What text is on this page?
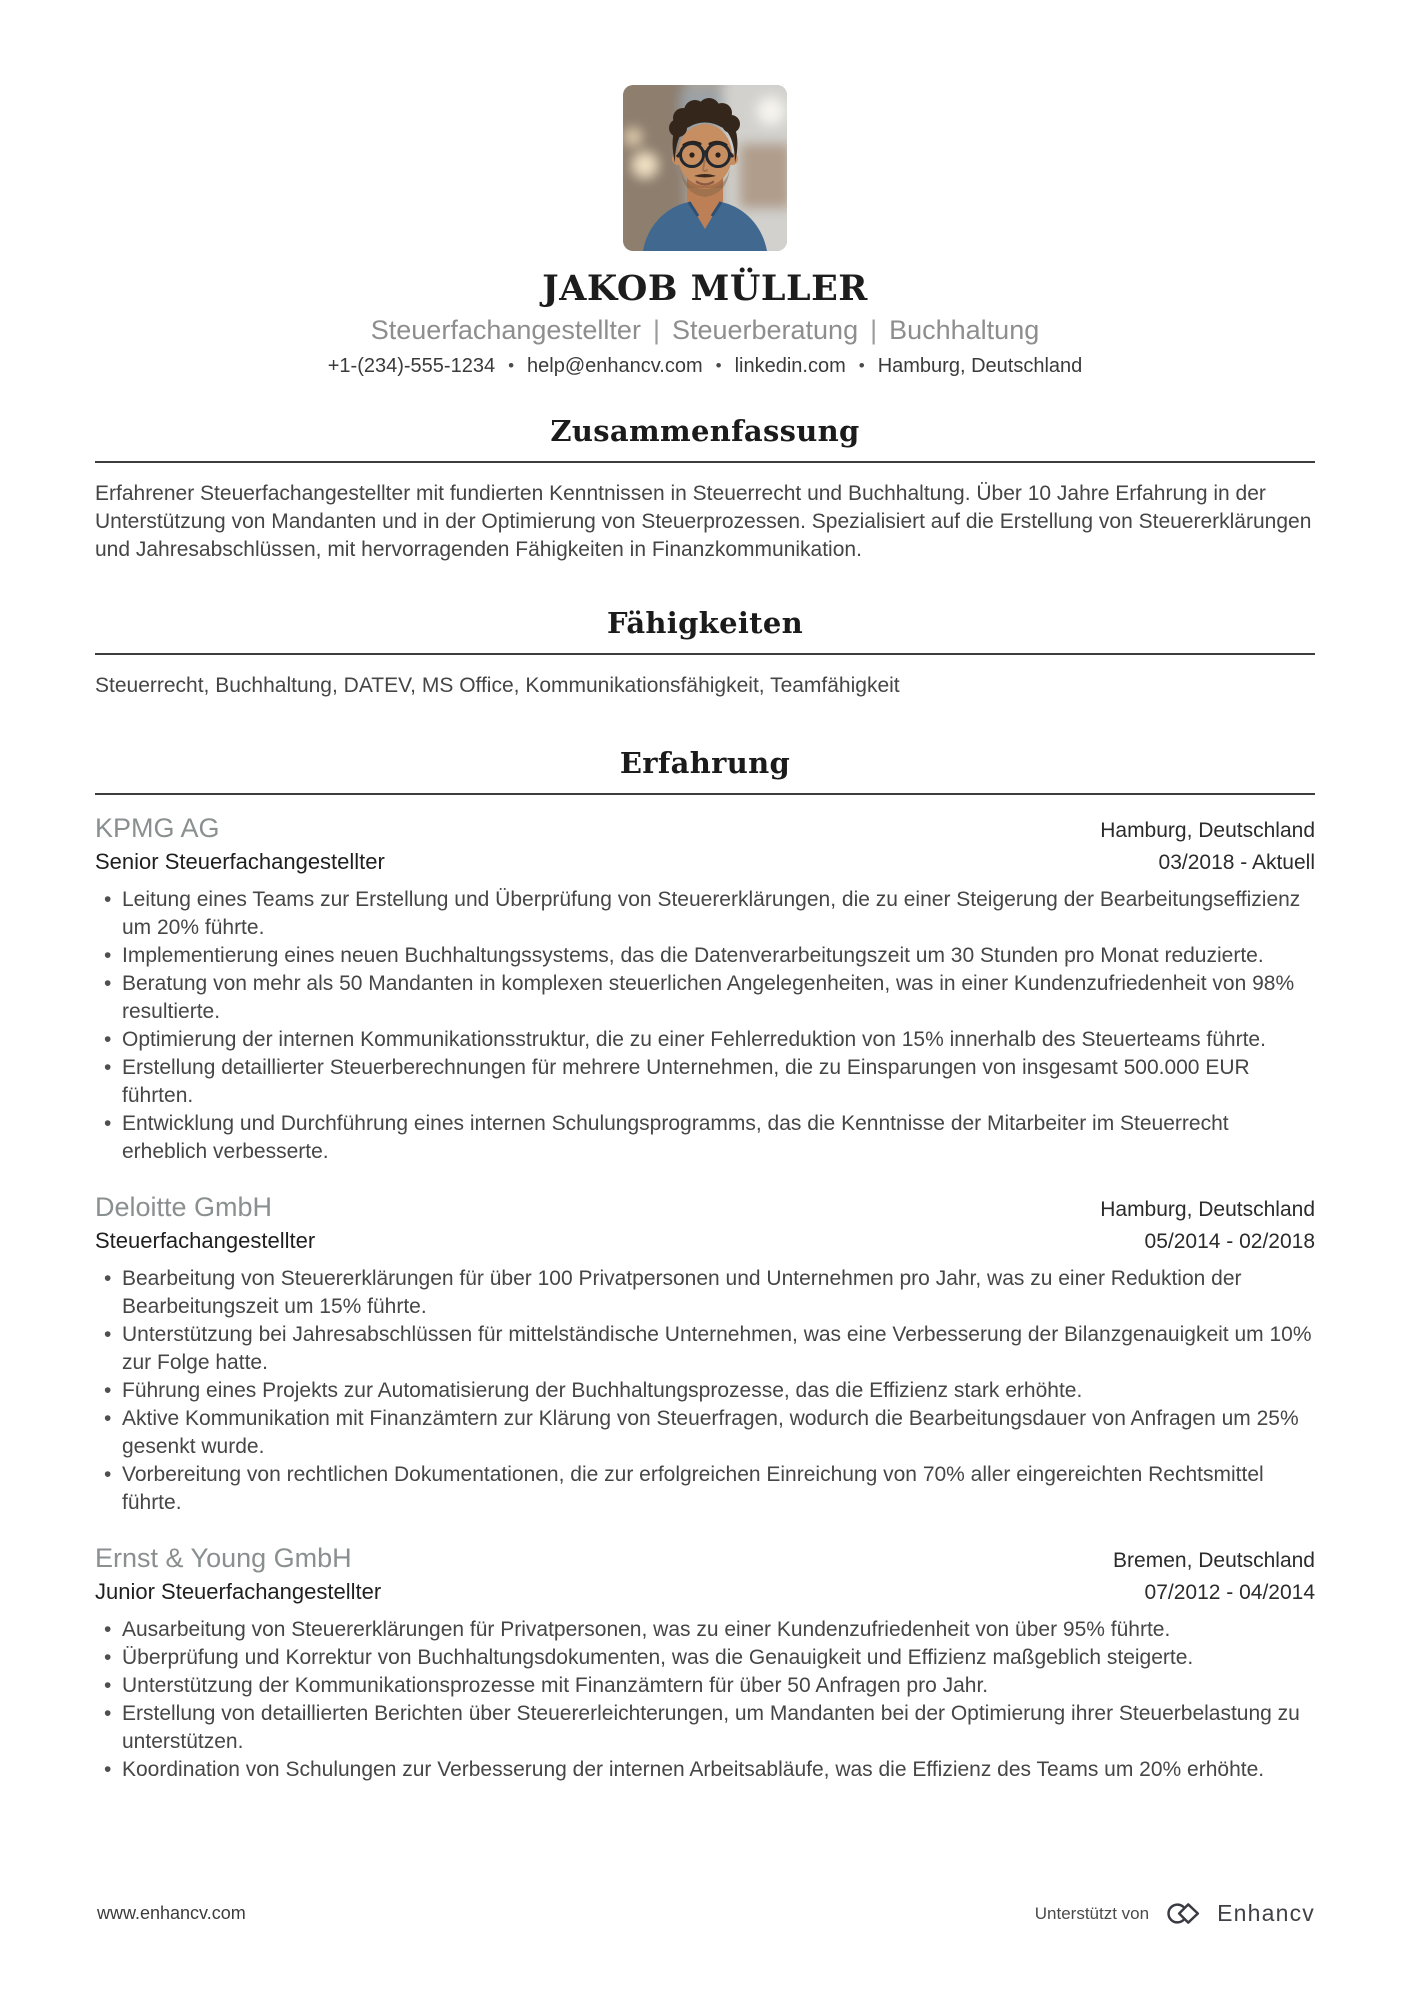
JAKOB MÜLLER
Steuerfachangestellter | Steuerberatung | Buchhaltung
+1-(234)-555-1234 • help@enhancv.com • linkedin.com • Hamburg, Deutschland
Zusammenfassung

Erfahrener Steuerfachangestellter mit fundierten Kenntnissen in Steuerrecht und Buchhaltung. Über 10 Jahre Erfahrung in der Unterstützung von Mandanten und in der Optimierung von Steuerprozessen. Spezialisiert auf die Erstellung von Steuererklärungen und Jahresabschlüssen, mit hervorragenden Fähigkeiten in Finanzkommunikation.

Fähigkeiten

Steuerrecht, Buchhaltung, DATEV, MS Office, Kommunikationsfähigkeit, Teamfähigkeit

Erfahrung
KPMG AG	Hamburg, Deutschland
Senior Steuerfachangestellter	03/2018 - Aktuell
• Leitung eines Teams zur Erstellung und Überprüfung von Steuererklärungen, die zu einer Steigerung der Bearbeitungseffizienz um 20% führte.
• Implementierung eines neuen Buchhaltungssystems, das die Datenverarbeitungszeit um 30 Stunden pro Monat reduzierte.
• Beratung von mehr als 50 Mandanten in komplexen steuerlichen Angelegenheiten, was in einer Kundenzufriedenheit von 98% resultierte.
• Optimierung der internen Kommunikationsstruktur, die zu einer Fehlerreduktion von 15% innerhalb des Steuerteams führte.
• Erstellung detaillierter Steuerberechnungen für mehrere Unternehmen, die zu Einsparungen von insgesamt 500.000 EUR führten.
• Entwicklung und Durchführung eines internen Schulungsprogramms, das die Kenntnisse der Mitarbeiter im Steuerrecht erheblich verbesserte.
Deloitte GmbH	Hamburg, Deutschland
Steuerfachangestellter	05/2014 - 02/2018
• Bearbeitung von Steuererklärungen für über 100 Privatpersonen und Unternehmen pro Jahr, was zu einer Reduktion der Bearbeitungszeit um 15% führte.
• Unterstützung bei Jahresabschlüssen für mittelständische Unternehmen, was eine Verbesserung der Bilanzgenauigkeit um 10% zur Folge hatte.
• Führung eines Projekts zur Automatisierung der Buchhaltungsprozesse, das die Effizienz stark erhöhte.
• Aktive Kommunikation mit Finanzämtern zur Klärung von Steuerfragen, wodurch die Bearbeitungsdauer von Anfragen um 25% gesenkt wurde.
• Vorbereitung von rechtlichen Dokumentationen, die zur erfolgreichen Einreichung von 70% aller eingereichten Rechtsmittel führte.
Ernst & Young GmbH	Bremen, Deutschland
Junior Steuerfachangestellter	07/2012 - 04/2014
• Ausarbeitung von Steuererklärungen für Privatpersonen, was zu einer Kundenzufriedenheit von über 95% führte.
• Überprüfung und Korrektur von Buchhaltungsdokumenten, was die Genauigkeit und Effizienz maßgeblich steigerte.
• Unterstützung der Kommunikationsprozesse mit Finanzämtern für über 50 Anfragen pro Jahr.
• Erstellung von detaillierten Berichten über Steuererleichterungen, um Mandanten bei der Optimierung ihrer Steuerbelastung zu unterstützen.
• Koordination von Schulungen zur Verbesserung der internen Arbeitsabläufe, was die Effizienz des Teams um 20% erhöhte.
www.enhancv.com	Unterstützt von	Enhancv
